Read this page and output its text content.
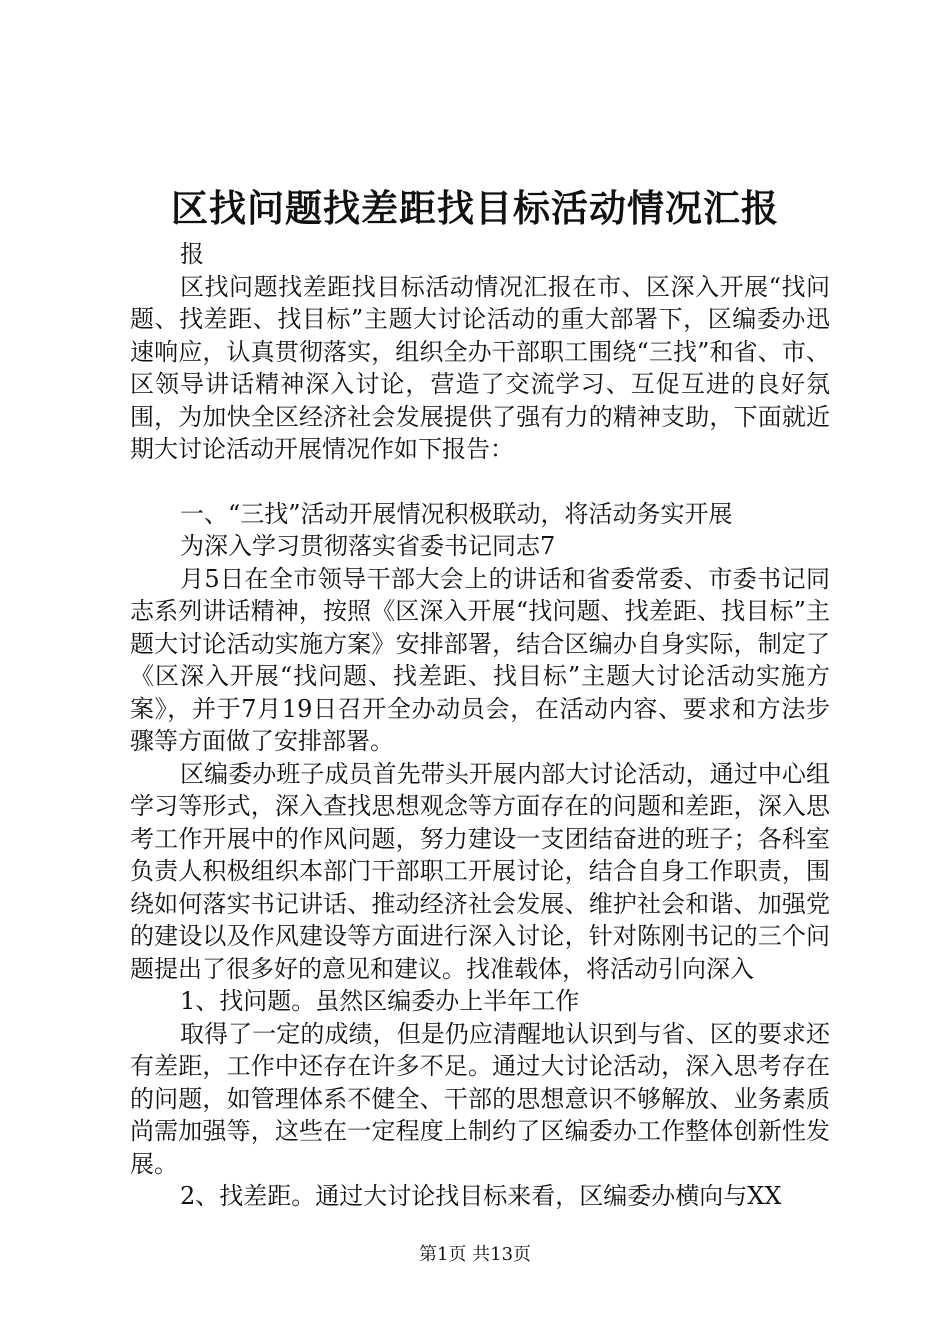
区找问题找差距找目标活动情况汇报

报

区找问题找差距找目标活动情况汇报在市、区深入开展“找问题、找差距、找目标”主题大讨论活动的重大部署下，区编委办迅速响应，认真贯彻落实，组织全办干部职工围绕“三找”和省、市、区领导讲话精神深入讨论，营造了交流学习、互促互进的良好氛围，为加快全区经济社会发展提供了强有力的精神支助，下面就近期大讨论活动开展情况作如下报告：

一、“三找”活动开展情况积极联动，将活动务实开展

为深入学习贯彻落实省委书记同志7

月5日在全市领导干部大会上的讲话和省委常委、市委书记同志系列讲话精神，按照《区深入开展“找问题、找差距、找目标”主题大讨论活动实施方案》安排部署，结合区编办自身实际，制定了《区深入开展“找问题、找差距、找目标”主题大讨论活动实施方案》，并于7月19日召开全办动员会，在活动内容、要求和方法步骤等方面做了安排部署。

区编委办班子成员首先带头开展内部大讨论活动，通过中心组学习等形式，深入查找思想观念等方面存在的问题和差距，深入思考工作开展中的作风问题，努力建设一支团结奋进的班子；各科室负责人积极组织本部门干部职工开展讨论，结合自身工作职责，围绕如何落实书记讲话、推动经济社会发展、维护社会和谐、加强党的建设以及作风建设等方面进行深入讨论，针对陈刚书记的三个问题提出了很多好的意见和建议。找准载体，将活动引向深入

1、找问题。虽然区编委办上半年工作

取得了一定的成绩，但是仍应清醒地认识到与省、区的要求还有差距，工作中还存在许多不足。通过大讨论活动，深入思考存在的问题，如管理体系不健全、干部的思想意识不够解放、业务素质尚需加强等，这些在一定程度上制约了区编委办工作整体创新性发展。

2、找差距。通过大讨论找目标来看，区编委办横向与XX

第1页 共13页
